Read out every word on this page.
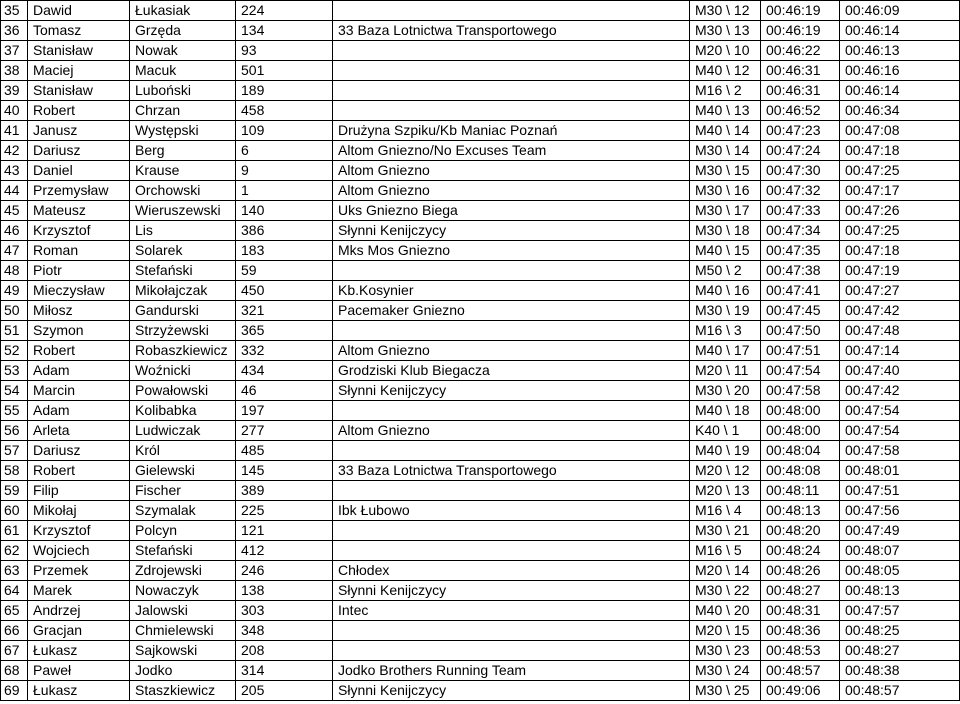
35	Dawid	Łukasiak	224		M30 \ 12	00:46:19	00:46:09
36	Tomasz	Grzęda	134	33 Baza Lotnictwa Transportowego	M30 \ 13	00:46:19	00:46:14
37	Stanisław	Nowak	93		M20 \ 10	00:46:22	00:46:13
38	Maciej	Macuk	501		M40 \ 12	00:46:31	00:46:16
39	Stanisław	Luboński	189		M16 \ 2	00:46:31	00:46:14
40	Robert	Chrzan	458		M40 \ 13	00:46:52	00:46:34
41	Janusz	Występski	109	Drużyna Szpiku/Kb Maniac Poznań	M40 \ 14	00:47:23	00:47:08
42	Dariusz	Berg	6	Altom Gniezno/No Excuses Team	M30 \ 14	00:47:24	00:47:18
43	Daniel	Krause	9	Altom Gniezno	M30 \ 15	00:47:30	00:47:25
44	Przemysław	Orchowski	1	Altom Gniezno	M30 \ 16	00:47:32	00:47:17
45	Mateusz	Wieruszewski	140	Uks Gniezno Biega	M30 \ 17	00:47:33	00:47:26
46	Krzysztof	Lis	386	Słynni Kenijczycy	M30 \ 18	00:47:34	00:47:25
47	Roman	Solarek	183	Mks Mos Gniezno	M40 \ 15	00:47:35	00:47:18
48	Piotr	Stefański	59		M50 \ 2	00:47:38	00:47:19
49	Mieczysław	Mikołajczak	450	Kb.Kosynier	M40 \ 16	00:47:41	00:47:27
50	Miłosz	Gandurski	321	Pacemaker Gniezno	M30 \ 19	00:47:45	00:47:42
51	Szymon	Strzyżewski	365		M16 \ 3	00:47:50	00:47:48
52	Robert	Robaszkiewicz	332	Altom Gniezno	M40 \ 17	00:47:51	00:47:14
53	Adam	Woźnicki	434	Grodziski Klub Biegacza	M20 \ 11	00:47:54	00:47:40
54	Marcin	Powałowski	46	Słynni Kenijczycy	M30 \ 20	00:47:58	00:47:42
55	Adam	Kolibabka	197		M40 \ 18	00:48:00	00:47:54
56	Arleta	Ludwiczak	277	Altom Gniezno	K40 \ 1	00:48:00	00:47:54
57	Dariusz	Król	485		M40 \ 19	00:48:04	00:47:58
58	Robert	Gielewski	145	33 Baza Lotnictwa Transportowego	M20 \ 12	00:48:08	00:48:01
59	Filip	Fischer	389		M20 \ 13	00:48:11	00:47:51
60	Mikołaj	Szymalak	225	Ibk Łubowo	M16 \ 4	00:48:13	00:47:56
61	Krzysztof	Polcyn	121		M30 \ 21	00:48:20	00:47:49
62	Wojciech	Stefański	412		M16 \ 5	00:48:24	00:48:07
63	Przemek	Zdrojewski	246	Chłodex	M20 \ 14	00:48:26	00:48:05
64	Marek	Nowaczyk	138	Słynni Kenijczycy	M30 \ 22	00:48:27	00:48:13
65	Andrzej	Jalowski	303	Intec	M40 \ 20	00:48:31	00:47:57
66	Gracjan	Chmielewski	348		M20 \ 15	00:48:36	00:48:25
67	Łukasz	Sajkowski	208		M30 \ 23	00:48:53	00:48:27
68	Paweł	Jodko	314	Jodko Brothers Running Team	M30 \ 24	00:48:57	00:48:38
69	Łukasz	Staszkiewicz	205	Słynni Kenijczycy	M30 \ 25	00:49:06	00:48:57
